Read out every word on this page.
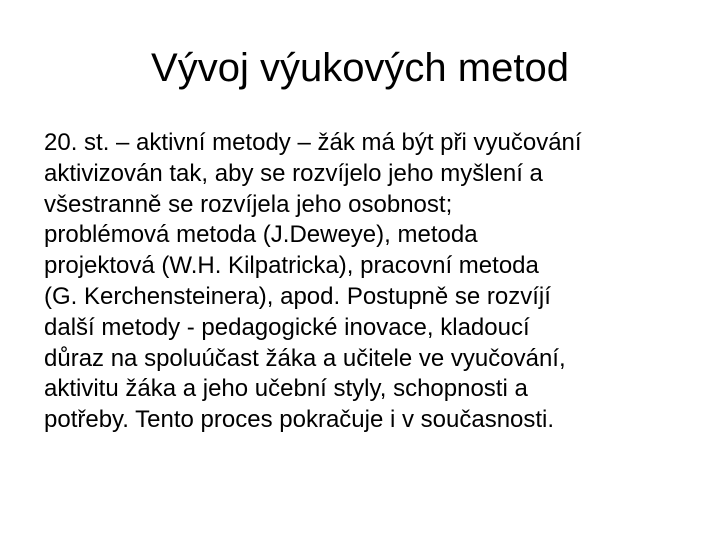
Vývoj výukových metod

20. st. – aktivní metody – žák má být při vyučování
aktivizován tak, aby se rozvíjelo jeho myšlení a
všestranně se rozvíjela jeho osobnost;
problémová metoda (J.Deweye), metoda
projektová (W.H. Kilpatricka), pracovní metoda
(G. Kerchensteinera), apod. Postupně se rozvíjí
další metody - pedagogické inovace, kladoucí
důraz na spoluúčast žáka a učitele ve vyučování,
aktivitu žáka a jeho učební styly, schopnosti a
potřeby. Tento proces pokračuje i v současnosti.
